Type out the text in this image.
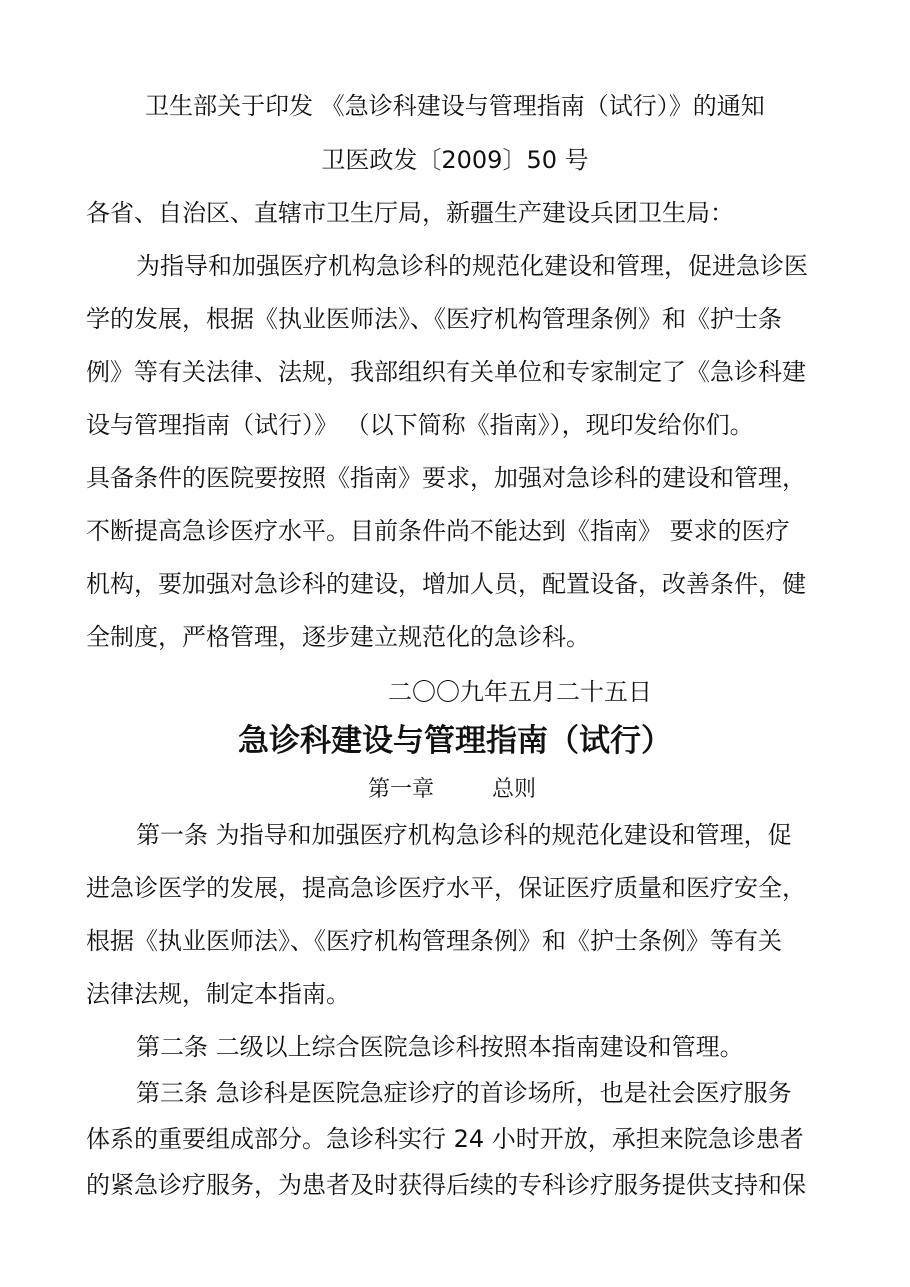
卫生部关于印发 《急诊科建设与管理指南（试行）》的通知
卫医政发〔2009〕50 号
各省、自治区、直辖市卫生厅局，新疆生产建设兵团卫生局：
为指导和加强医疗机构急诊科的规范化建设和管理，促进急诊医
学的发展，根据《执业医师法》、《医疗机构管理条例》和《护士条
例》等有关法律、法规，我部组织有关单位和专家制定了《急诊科建
设与管理指南（试行）》 （以下简称《指南》），现印发给你们。
具备条件的医院要按照《指南》要求，加强对急诊科的建设和管理，
不断提高急诊医疗水平。目前条件尚不能达到《指南》 要求的医疗
机构，要加强对急诊科的建设，增加人员，配置设备，改善条件，健
全制度，严格管理，逐步建立规范化的急诊科。
二〇〇九年五月二十五日
急诊科建设与管理指南（试行）
第一章	总则
第一条 为指导和加强医疗机构急诊科的规范化建设和管理，促
进急诊医学的发展，提高急诊医疗水平，保证医疗质量和医疗安全，
根据《执业医师法》、《医疗机构管理条例》和《护士条例》等有关
法律法规，制定本指南。
第二条 二级以上综合医院急诊科按照本指南建设和管理。
第三条 急诊科是医院急症诊疗的首诊场所，也是社会医疗服务
体系的重要组成部分。急诊科实行 24 小时开放，承担来院急诊患者
的紧急诊疗服务，为患者及时获得后续的专科诊疗服务提供支持和保
